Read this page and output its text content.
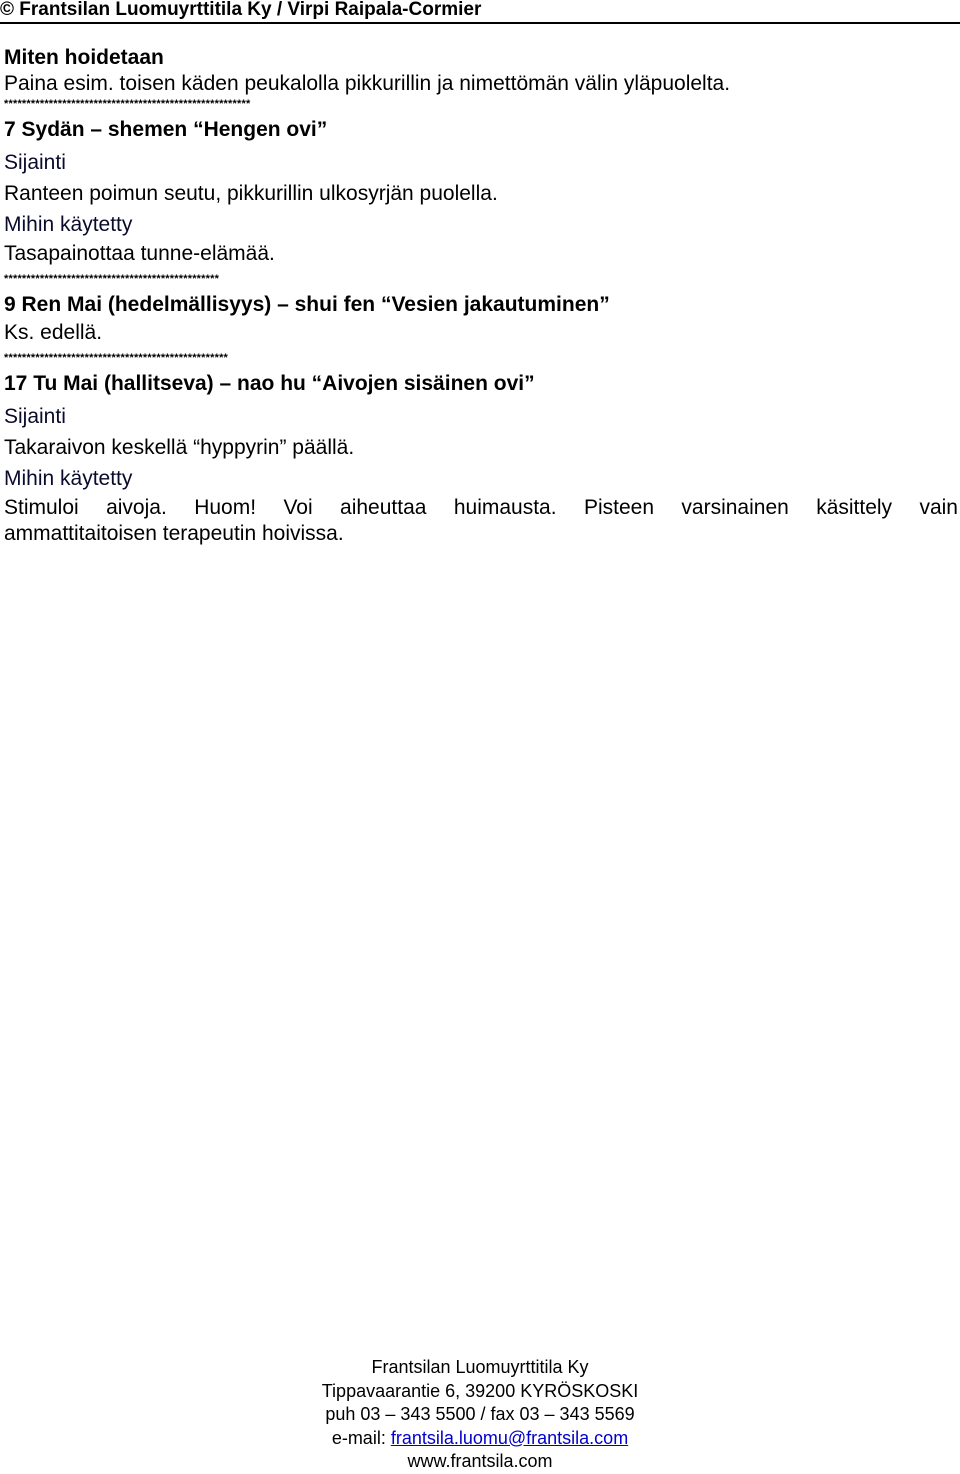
© Frantsilan Luomuyrttitila Ky / Virpi Raipala-Cormier
Miten hoidetaan
Paina esim. toisen käden peukalolla pikkurillin ja nimettömän välin yläpuolelta.
*******************************************************
7 Sydän – shemen “Hengen ovi”
Sijainti
Ranteen poimun seutu, pikkurillin ulkosyrjän puolella.
Mihin käytetty
Tasapainottaa tunne-elämää.
************************************************
9 Ren Mai (hedelmällisyys) – shui fen “Vesien jakautuminen”
Ks. edellä.
**************************************************
17 Tu Mai (hallitseva) – nao hu “Aivojen sisäinen ovi”
Sijainti
Takaraivon keskellä “hyppyrin” päällä.
Mihin käytetty
Stimuloi aivoja. Huom! Voi aiheuttaa huimausta. Pisteen varsinainen käsittely vain
ammattitaitoisen terapeutin hoivissa.
Frantsilan Luomuyrttitila Ky
Tippavaarantie 6, 39200 KYRÖSKOSKI
puh 03 – 343 5500 / fax 03 – 343 5569
e-mail: frantsila.luomu@frantsila.com
www.frantsila.com
